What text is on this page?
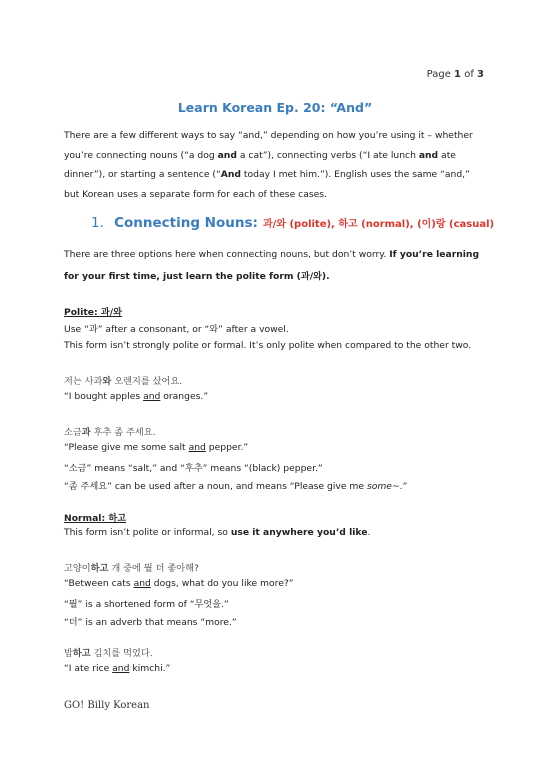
Page 1 of 3
Learn Korean Ep. 20: “And”
There are a few different ways to say “and,” depending on how you’re using it – whether you’re connecting nouns (“a dog and a cat”), connecting verbs (“I ate lunch and ate dinner”), or starting a sentence (“And today I met him.”). English uses the same “and,” but Korean uses a separate form for each of these cases.
1. Connecting Nouns: 과/와 (polite), 하고 (normal), (이)랑 (casual)
There are three options here when connecting nouns, but don’t worry. If you’re learning
for your first time, just learn the polite form (과/와).
Polite: 과/와
Use “과” after a consonant, or “와” after a vowel.
This form isn’t strongly polite or formal. It’s only polite when compared to the other two.
저는 사과와 오렌지를 샀어요.
“I bought apples and oranges.”
소금과 후추 좀 주세요.
“Please give me some salt and pepper.”
“소금” means “salt,” and “후추” means “(black) pepper.”
“좀 주세요” can be used after a noun, and means “Please give me some~.”
Normal: 하고
This form isn’t polite or informal, so use it anywhere you’d like.
고양이하고 개 중에 뭘 더 좋아해?
“Between cats and dogs, what do you like more?”
“뭘” is a shortened form of “무엇을.”
“더” is an adverb that means “more.”
밥하고 김치를 먹었다.
“I ate rice and kimchi.”
GO! Billy Korean
